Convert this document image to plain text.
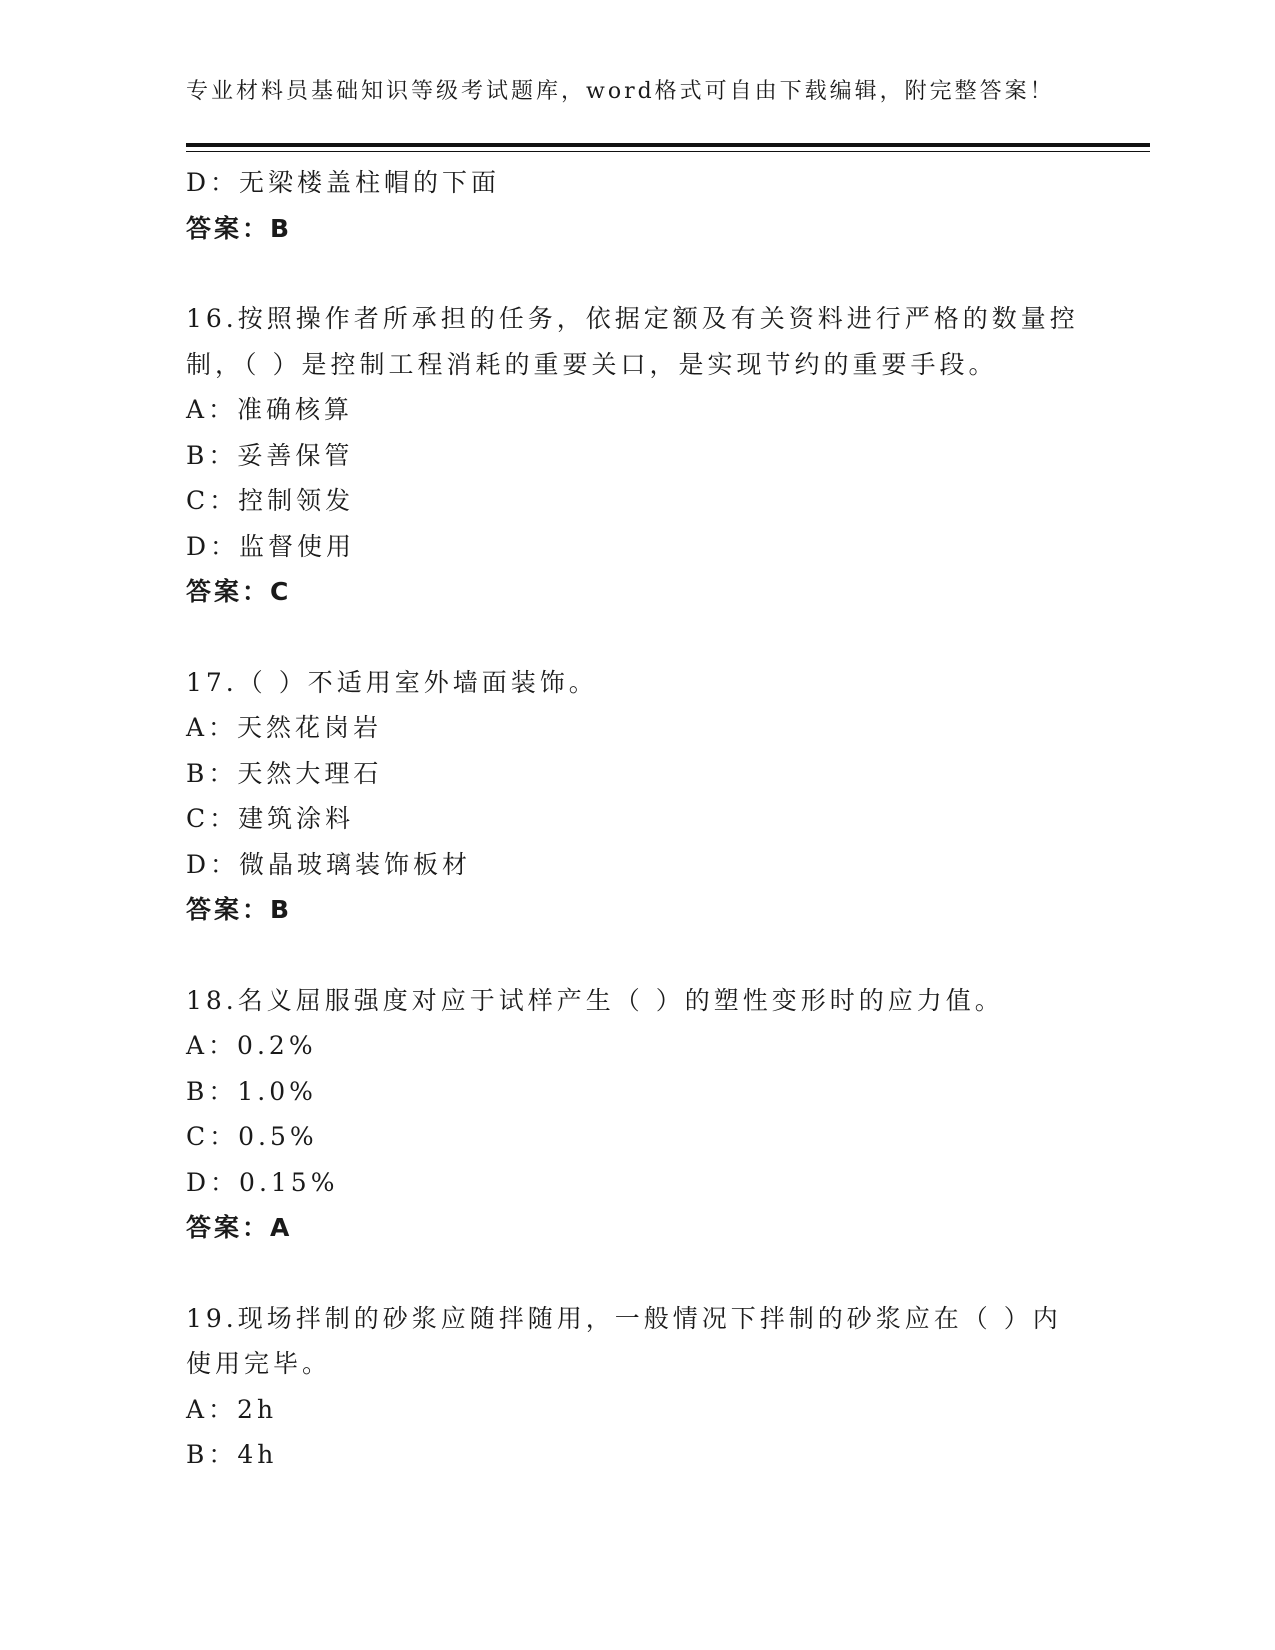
专业材料员基础知识等级考试题库，word格式可自由下载编辑，附完整答案！
D：无梁楼盖柱帽的下面
答案：B
16.按照操作者所承担的任务，依据定额及有关资料进行严格的数量控
制，（ ）是控制工程消耗的重要关口，是实现节约的重要手段。
A：准确核算
B：妥善保管
C：控制领发
D：监督使用
答案：C
17.（ ）不适用室外墙面装饰。
A：天然花岗岩
B：天然大理石
C：建筑涂料
D：微晶玻璃装饰板材
答案：B
18.名义屈服强度对应于试样产生（ ）的塑性变形时的应力值。
A：0.2%
B：1.0%
C：0.5%
D：0.15%
答案：A
19.现场拌制的砂浆应随拌随用，一般情况下拌制的砂浆应在（ ）内
使用完毕。
A：2h
B：4h
